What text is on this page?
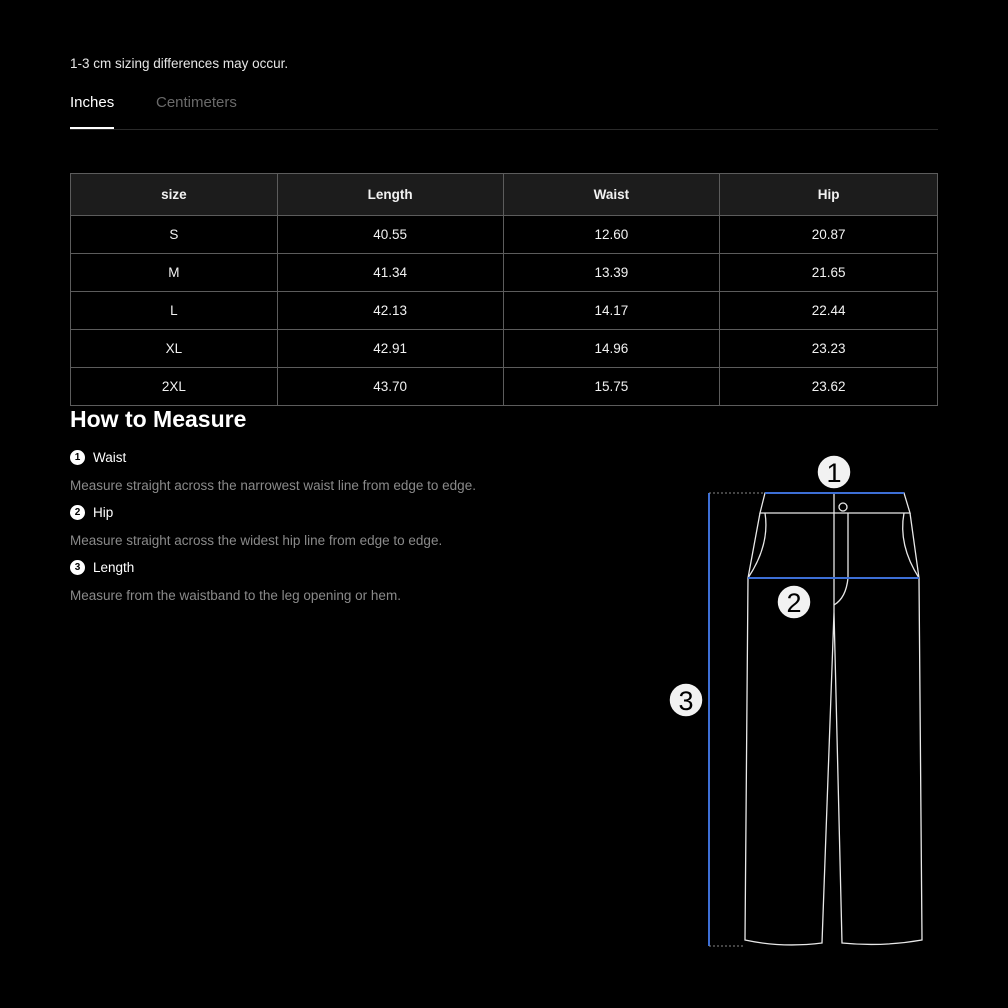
1-3 cm sizing differences may occur.
Inches	Centimeters
size	Length	Waist	Hip
S	40.55	12.60	20.87
M	41.34	13.39	21.65
L	42.13	14.17	22.44
XL	42.91	14.96	23.23
2XL	43.70	15.75	23.62
How to Measure
1 Waist
Measure straight across the narrowest waist line from edge to edge.
2 Hip
Measure straight across the widest hip line from edge to edge.
3 Length
Measure from the waistband to the leg opening or hem.
1
2
3
